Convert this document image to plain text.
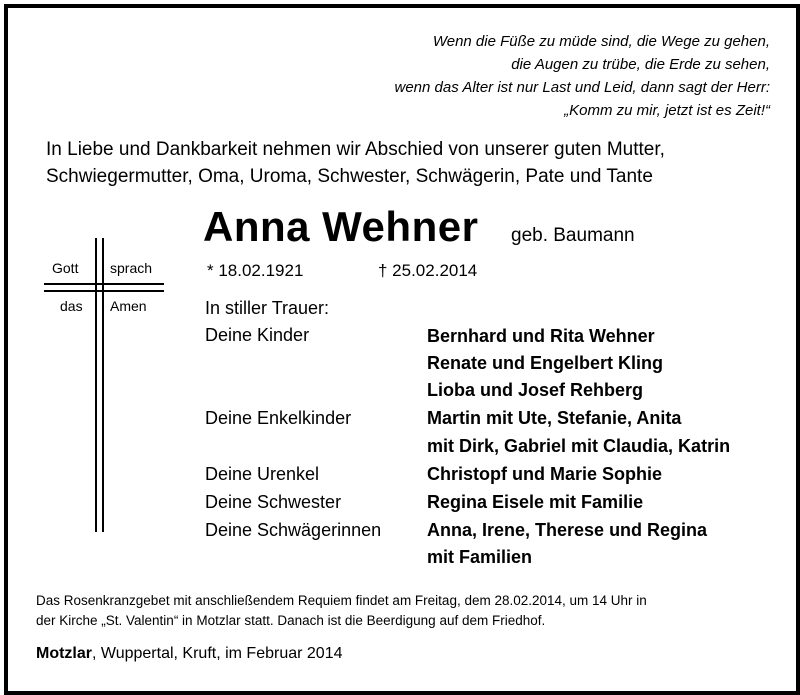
Wenn die Füße zu müde sind, die Wege zu gehen,
die Augen zu trübe, die Erde zu sehen,
wenn das Alter ist nur Last und Leid, dann sagt der Herr:
„Komm zu mir, jetzt ist es Zeit!“
In Liebe und Dankbarkeit nehmen wir Abschied von unserer guten Mutter,
Schwiegermutter, Oma, Uroma, Schwester, Schwägerin, Pate und Tante
Anna Wehner geb. Baumann
* 18.02.1921	† 25.02.2014
Gott sprach
das Amen	In stiller Trauer:
Deine Kinder	Bernhard und Rita Wehner
Renate und Engelbert Kling
Lioba und Josef Rehberg
Deine Enkelkinder	Martin mit Ute, Stefanie, Anita
mit Dirk, Gabriel mit Claudia, Katrin
Deine Urenkel	Christopf und Marie Sophie
Deine Schwester	Regina Eisele mit Familie
Deine Schwägerinnen	Anna, Irene, Therese und Regina
mit Familien
Das Rosenkranzgebet mit anschließendem Requiem findet am Freitag, dem 28.02.2014, um 14 Uhr in
der Kirche „St. Valentin“ in Motzlar statt. Danach ist die Beerdigung auf dem Friedhof.
Motzlar, Wuppertal, Kruft, im Februar 2014
